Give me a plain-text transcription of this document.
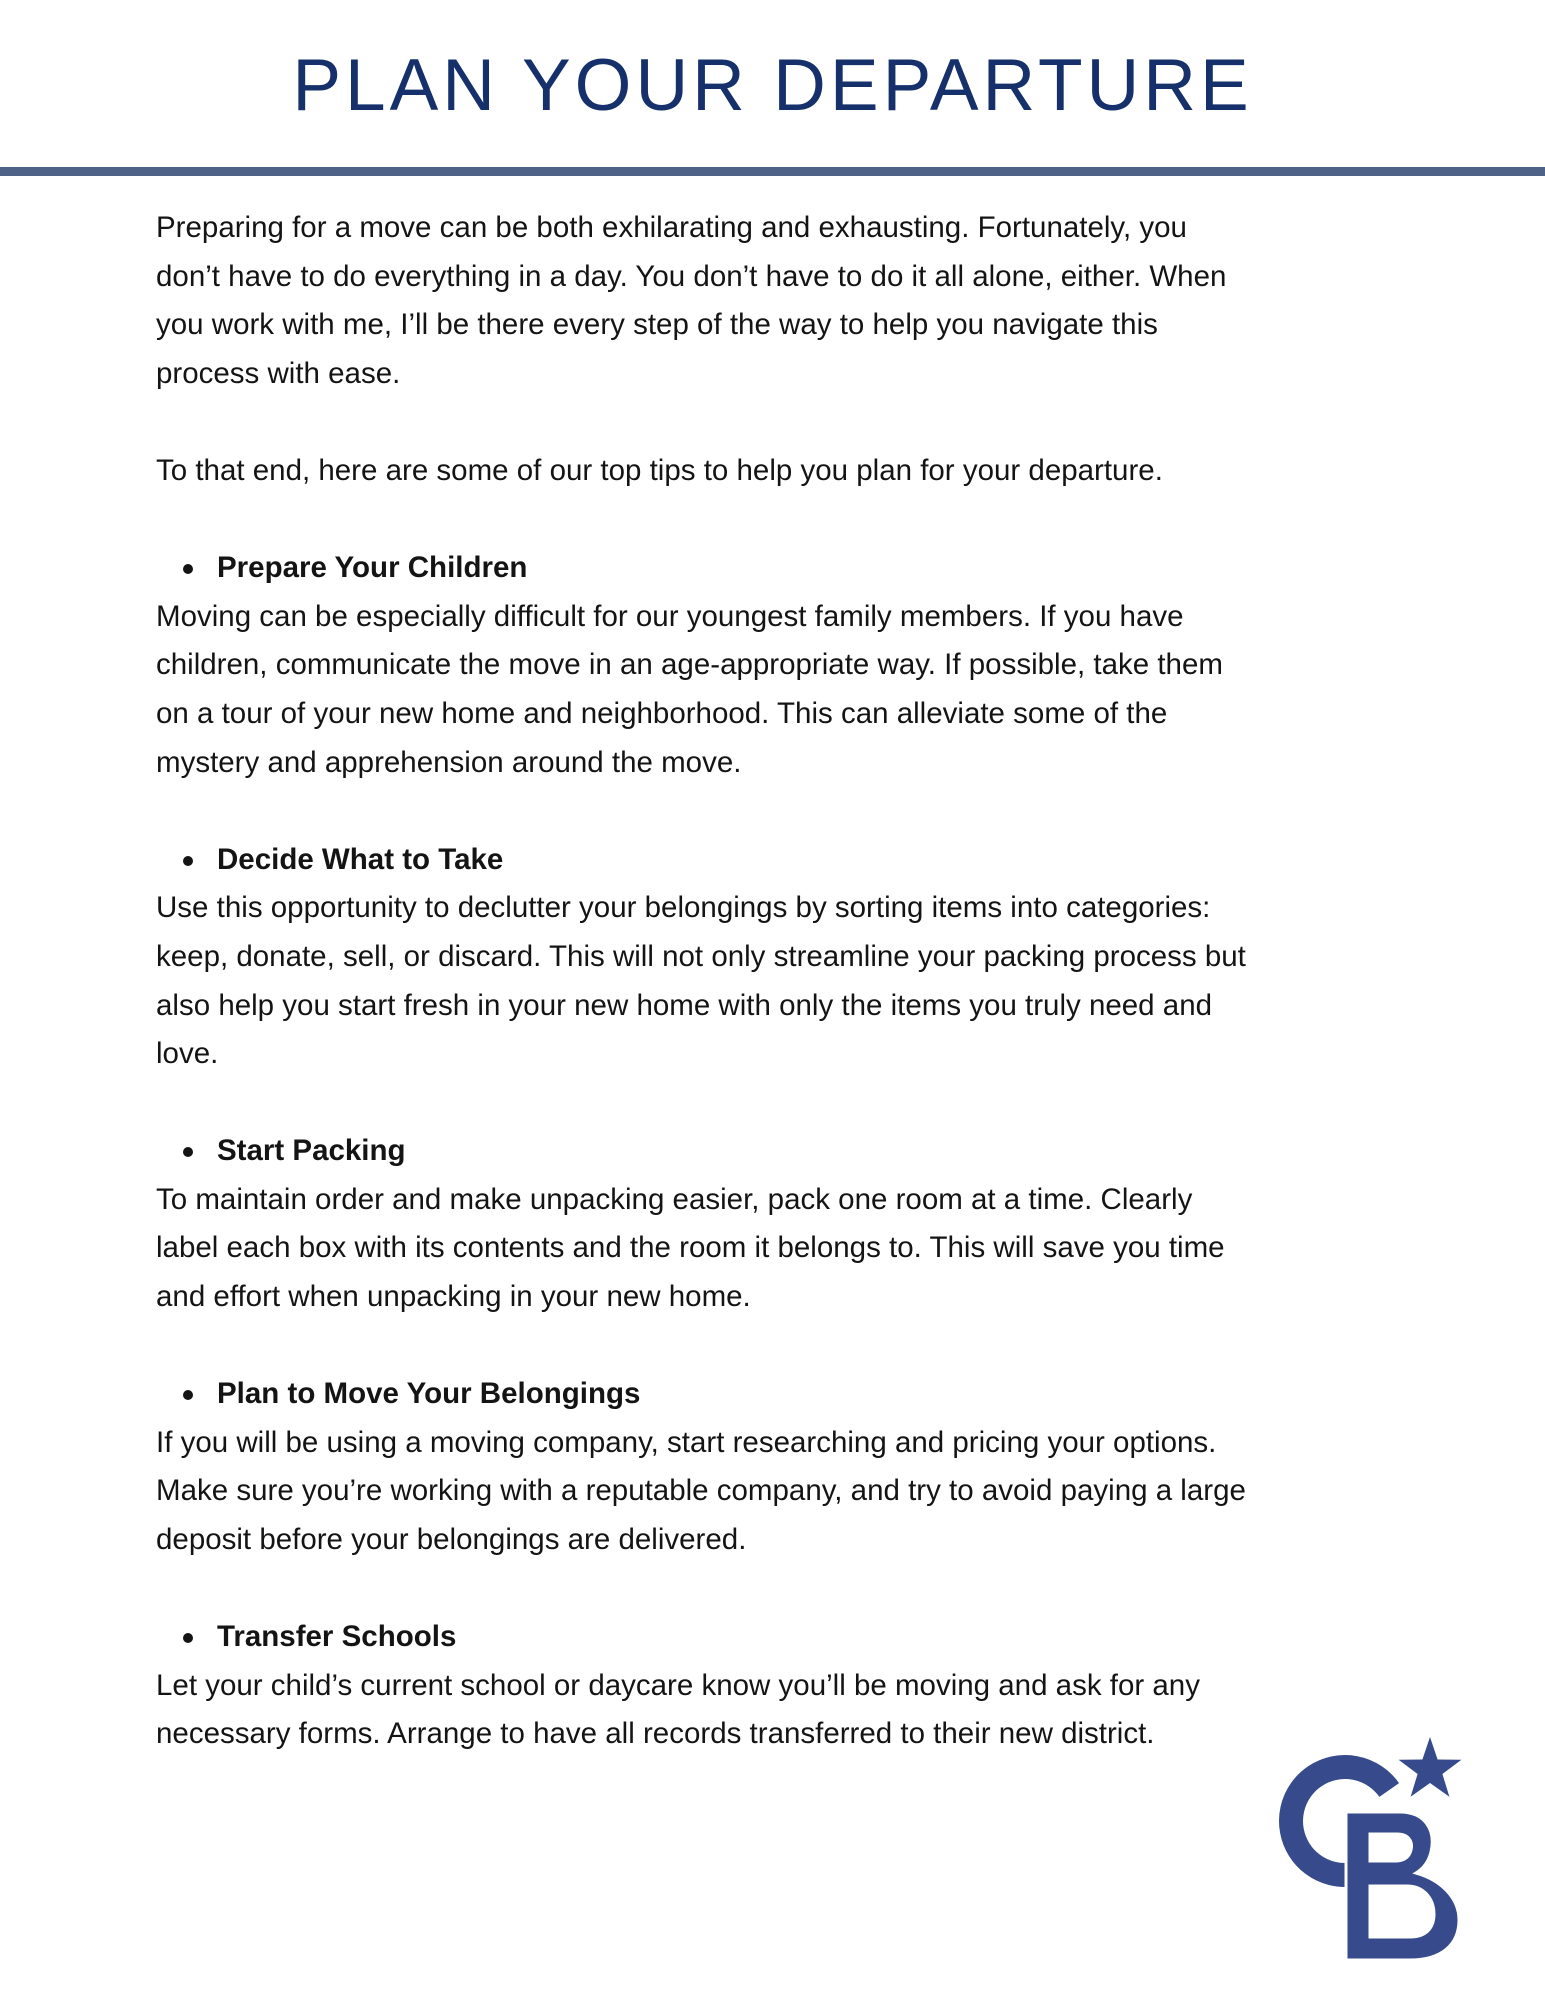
PLAN YOUR DEPARTURE
Preparing for a move can be both exhilarating and exhausting. Fortunately, you
don’t have to do everything in a day. You don’t have to do it all alone, either. When
you work with me, I’ll be there every step of the way to help you navigate this
process with ease.
To that end, here are some of our top tips to help you plan for your departure.
Prepare Your Children
Moving can be especially difficult for our youngest family members. If you have
children, communicate the move in an age-appropriate way. If possible, take them
on a tour of your new home and neighborhood. This can alleviate some of the
mystery and apprehension around the move.
Decide What to Take
Use this opportunity to declutter your belongings by sorting items into categories:
keep, donate, sell, or discard. This will not only streamline your packing process but
also help you start fresh in your new home with only the items you truly need and
love.
Start Packing
To maintain order and make unpacking easier, pack one room at a time. Clearly
label each box with its contents and the room it belongs to. This will save you time
and effort when unpacking in your new home.
Plan to Move Your Belongings
If you will be using a moving company, start researching and pricing your options.
Make sure you’re working with a reputable company, and try to avoid paying a large
deposit before your belongings are delivered.
Transfer Schools
Let your child’s current school or daycare know you’ll be moving and ask for any
necessary forms. Arrange to have all records transferred to their new district.
